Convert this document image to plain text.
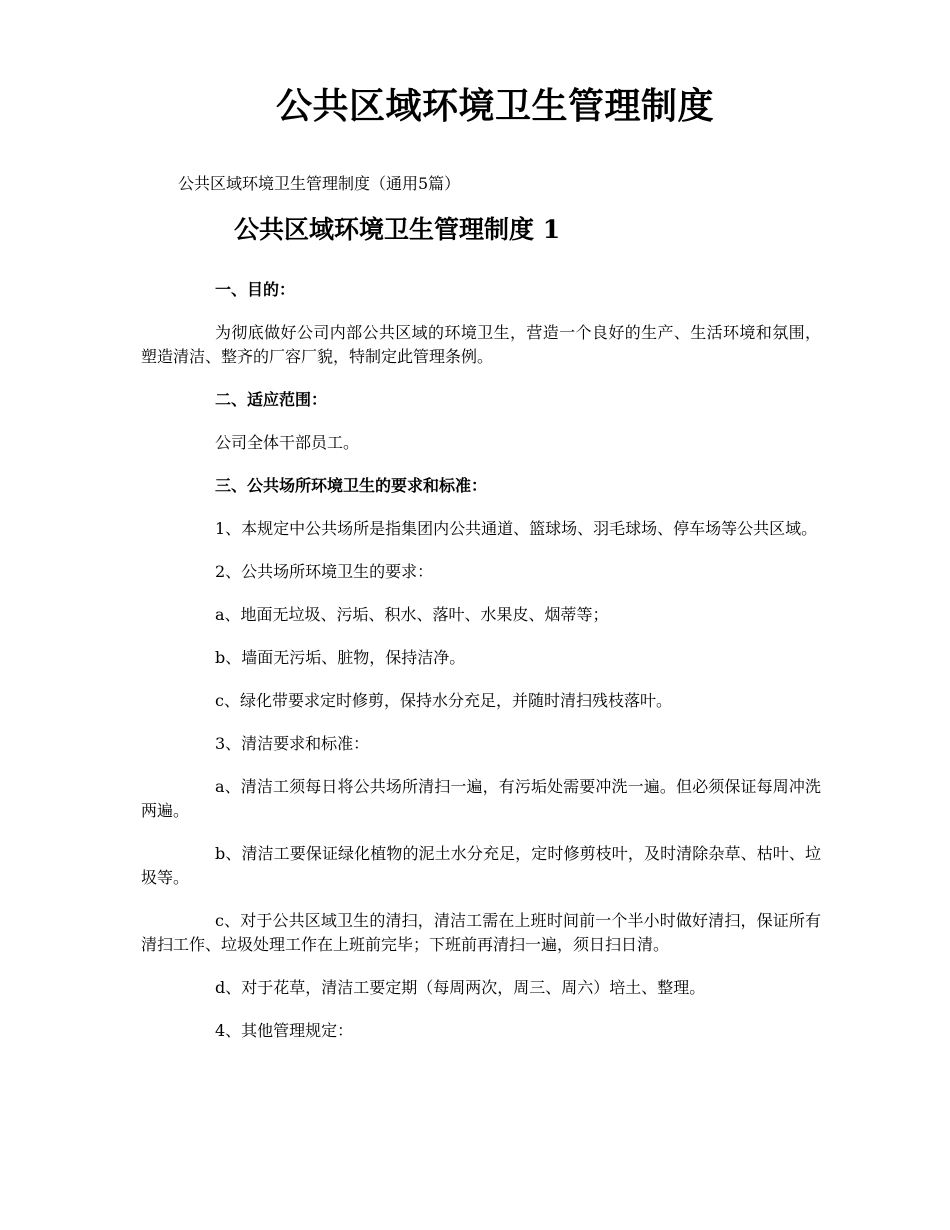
公共区域环境卫生管理制度

公共区域环境卫生管理制度（通用5篇）

公共区域环境卫生管理制度 1

一、目的：

为彻底做好公司内部公共区域的环境卫生，营造一个良好的生产、生活环境和氛围，塑造清洁、整齐的厂容厂貌，特制定此管理条例。

二、适应范围：

公司全体干部员工。

三、公共场所环境卫生的要求和标准：

1、本规定中公共场所是指集团内公共通道、篮球场、羽毛球场、停车场等公共区域。

2、公共场所环境卫生的要求：

a、地面无垃圾、污垢、积水、落叶、水果皮、烟蒂等；

b、墙面无污垢、脏物，保持洁净。

c、绿化带要求定时修剪，保持水分充足，并随时清扫残枝落叶。

3、清洁要求和标准：

a、清洁工须每日将公共场所清扫一遍，有污垢处需要冲洗一遍。但必须保证每周冲洗两遍。

b、清洁工要保证绿化植物的泥土水分充足，定时修剪枝叶，及时清除杂草、枯叶、垃圾等。

c、对于公共区域卫生的清扫，清洁工需在上班时间前一个半小时做好清扫，保证所有清扫工作、垃圾处理工作在上班前完毕；下班前再清扫一遍，须日扫日清。

d、对于花草，清洁工要定期（每周两次，周三、周六）培土、整理。

4、其他管理规定：
